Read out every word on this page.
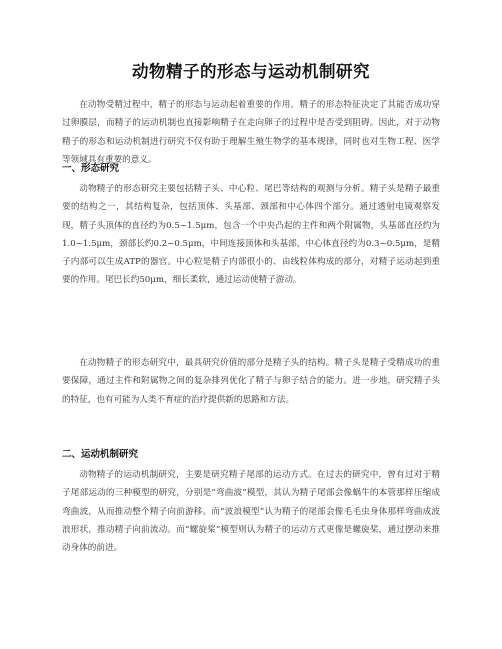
动物精子的形态与运动机制研究

在动物受精过程中，精子的形态与运动起着重要的作用。精子的形态特征决定了其能否成功穿过卵膜层，而精子的运动机制也直接影响精子在走向卵子的过程中是否受到阻碍。因此，对于动物精子的形态和运动机制进行研究不仅有助于理解生殖生物学的基本规律，同时也对生物工程、医学等领域具有重要的意义。

一、形态研究

动物精子的形态研究主要包括精子头、中心粒、尾巴等结构的观测与分析。精子头是精子最重要的结构之一，其结构复杂，包括顶体、头基部、颈部和中心体四个部分。通过透射电镜观察发现，精子头顶体的直径约为0.5~1.5μm，包含一个中央凸起的主件和两个附属物，头基部直径约为1.0~1.5μm，颈部长约0.2~0.5μm，中间连接顶体和头基部，中心体直径约为0.3~0.5μm，是精子内部可以生成ATP的器官。中心粒是精子内部很小的、由线粒体构成的部分，对精子运动起到重要的作用。尾巴长约50μm，细长柔软，通过运动使精子游动。

在动物精子的形态研究中，最具研究价值的部分是精子头的结构。精子头是精子受精成功的重要保障，通过主件和附属物之间的复杂排列优化了精子与卵子结合的能力。进一步地，研究精子头的特征，也有可能为人类不育症的治疗提供新的思路和方法。

二、运动机制研究

动物精子的运动机制研究，主要是研究精子尾部的运动方式。在过去的研究中，曾有过对于精子尾部运动的三种模型的研究，分别是“弯曲波”模型，其认为精子尾部会像蜗牛的本管那样压缩成弯曲波，从而推动整个精子向前游移。而“波浪模型”认为精子的尾部会像毛毛虫身体那样弯曲成波浪形状，推动精子向前流动。而“螺旋桨”模型则认为精子的运动方式更像是螺旋桨，通过摆动来推动身体的前进。
